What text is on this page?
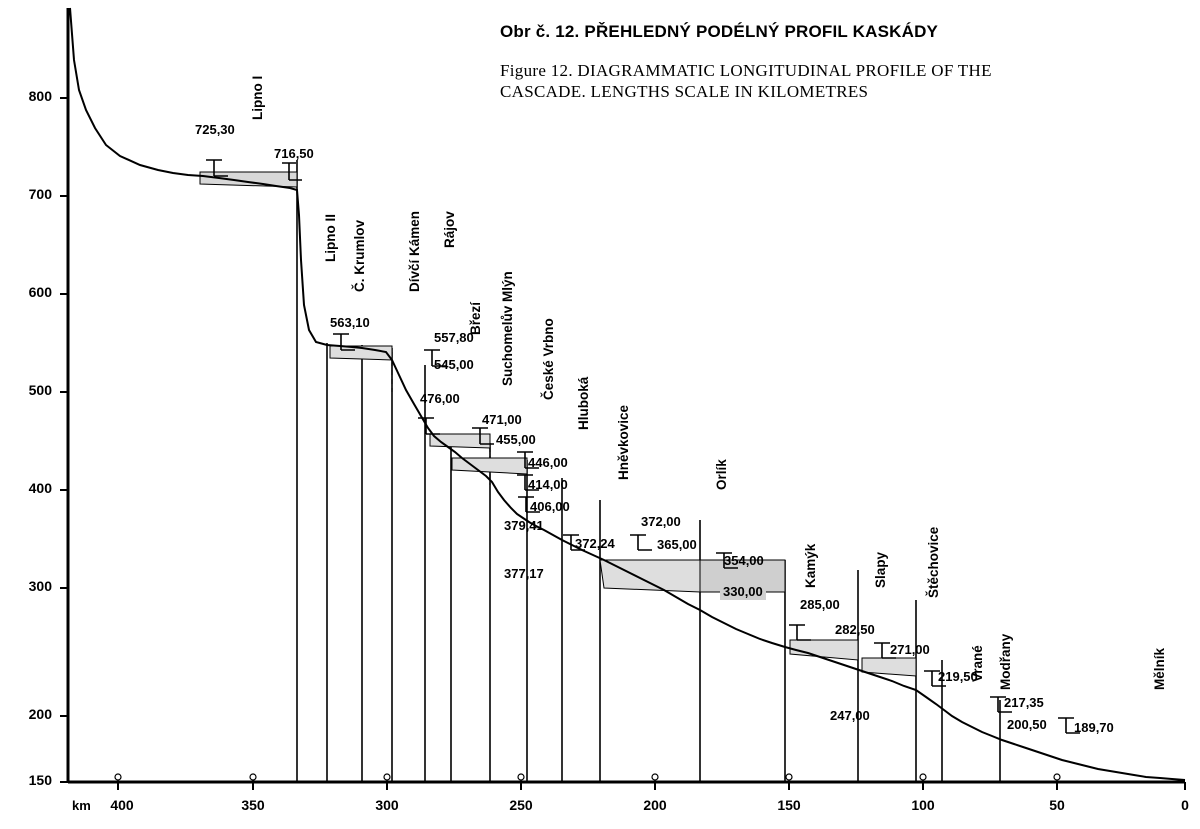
Obr č. 12. PŘEHLEDNÝ PODÉLNÝ PROFIL KASKÁDY
Figure 12. DIAGRAMMATIC LONGITUDINAL PROFILE OF THE
CASCADE. LENGTHS SCALE IN KILOMETRES
800
700
600
500
400
300
200
150
km	400	350	300	250	200	150	100	50	0
Lipno I
Lipno II Č. Krumlov	Dívčí Kámen Rájov
Březí Suchomelův Mlýn České Vrbno
Hluboká
Hněvkovice	Orlík
Kamýk	Slapy	Štěchovice
Vrané Modřany	Mělník
725,30
716,50
563,10
557,80
545,00
476,00
471,00
455,00
446,00
414,00
406,00
379,41
372,24
372,00
365,00
354,00
330,00
377,17
285,00
282,50
271,00
247,00
219,50
217,35
200,50 189,70
